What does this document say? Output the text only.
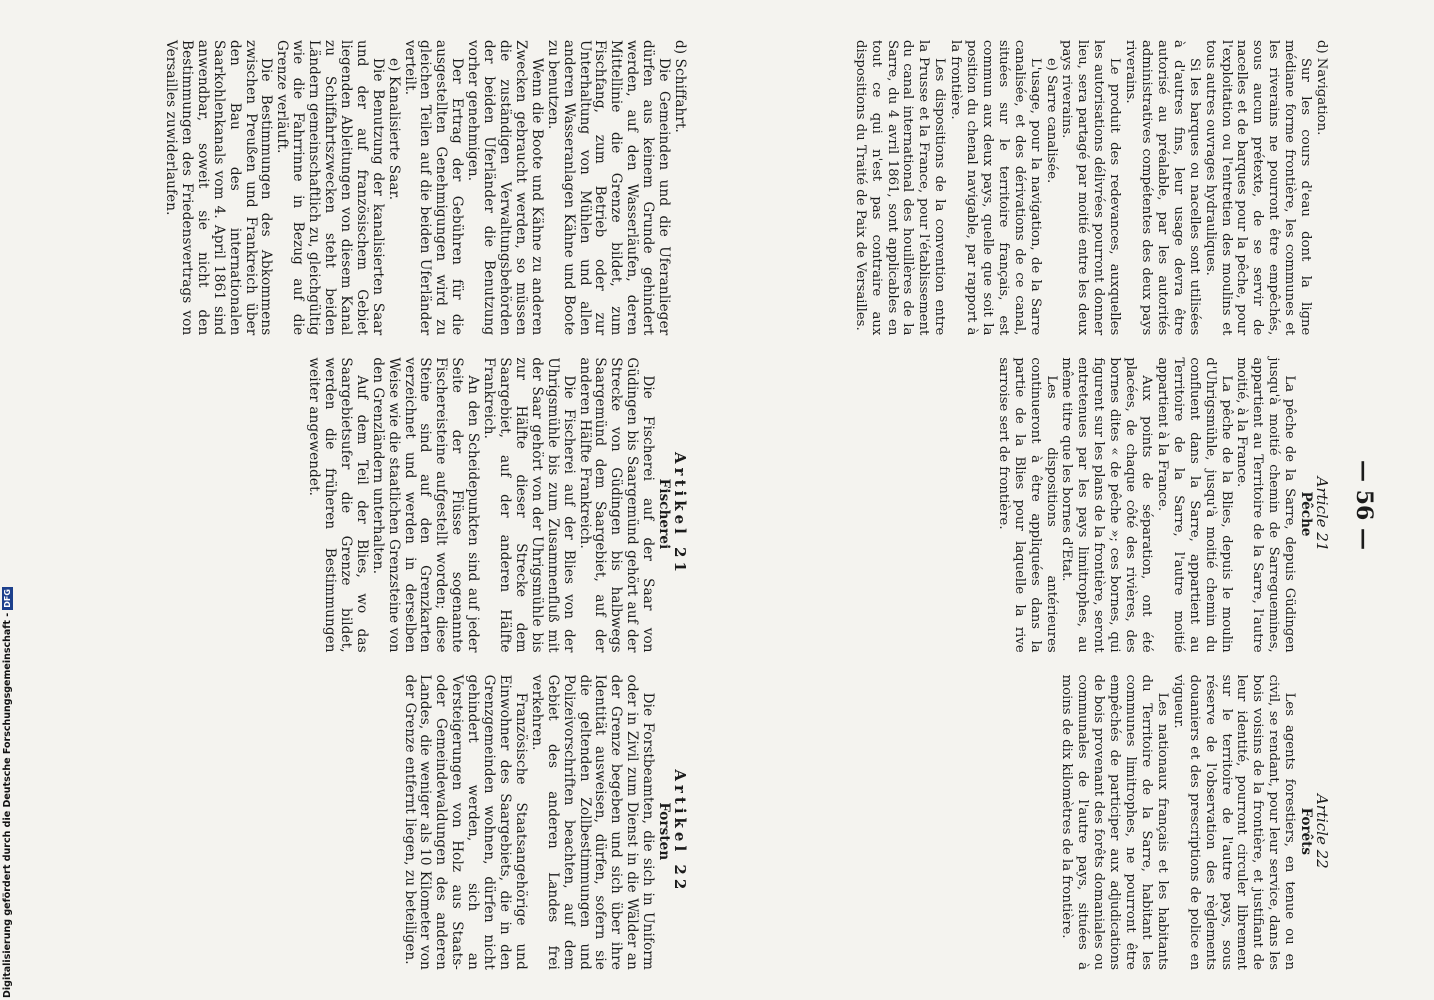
— 56 —

d) Navigation.

Sur les cours d'eau dont la ligne médiane forme frontière, les communes et les riverains ne pourront être empêchés, sous aucun prétexte, de se servir de nacelles et de barques pour la pêche, pour l'exploitation ou l'entretien des moulins et tous autres ouvrages hydrauliques.

Si les barques ou nacelles sont utilisées à d'autres fins, leur usage devra être autorisé au préalable, par les autorités administratives compétentes des deux pays riverains.

Le produit des redevances, auxquelles les autorisations délivrées pourront donner lieu, sera partagé par moitié entre les deux pays riverains.

e) Sarre canalisée.

L'usage, pour la navigation, de la Sarre canalisée, et des dérivations de ce canal, situées sur le territoire français, est commun aux deux pays, quelle que soit la position du chenal navigable, par rapport à la frontière.

Les dispositions de la convention entre la Prusse et la France, pour l'établissement du canal international des houillères de la Sarre, du 4 avril 1861, sont applicables en tout ce qui n'est pas contraire aux dispositions du Traité de Paix de Versailles.

Article 21

Pêche

La pêche de la Sarre, depuis Güdingen jusqu'à moitié chemin de Sarreguemines, appartient au Territoire de la Sarre, l'autre moitié, à la France.

La pêche de la Blies, depuis le moulin d'Uhrigsmühle, jusqu'à moitié chemin du confluent dans la Sarre, appartient au Territoire de la Sarre, l'autre moitié appartient à la France.

Aux points de séparation, ont été placées, de chaque côté des rivières, des bornes dites « de pêche »; ces bornes, qui figurent sur les plans de la frontière, seront entretenues par les pays limitrophes, au même titre que les bornes d'Etat.

Les dispositions antérieures continueront à être appliquées dans la partie de la Blies pour laquelle la rive sarroise sert de frontière.

Article 22

Forêts

Les agents forestiers, en tenue ou en civil, se rendant, pour leur service, dans les bois voisins de la frontière, et justifiant de leur identité, pourront circuler librement sur le territoire de l'autre pays, sous réserve de l'observation des règlements douaniers et des prescriptions de police en vigueur.

Les nationaux français et les habitants du Territoire de la Sarre, habitant les communes limitrophes, ne pourront être empêchés de participer aux adjudications de bois provenant des forêts domaniales ou communales de l'autre pays, situées à moins de dix kilomètres de la frontière.

d) Schiffahrt.

Die Gemeinden und die Uferanlieger dürfen aus keinem Grunde gehindert werden, auf den Wasserläufen, deren Mittellinie die Grenze bildet, zum Fischfang, zum Betrieb oder zur Unterhaltung von Mühlen und allen anderen Wasseranlagen Kähne und Boote zu benutzen.

Wenn die Boote und Kähne zu anderen Zwecken gebraucht werden, so müssen die zuständigen Verwaltungsbehörden der beiden Uferländer die Benutzung vorher genehmigen.

Der Ertrag der Gebühren für die ausgestellten Genehmigungen wird zu gleichen Teilen auf die beiden Uferländer verteilt.

e) Kanalisierte Saar.

Die Benutzung der kanalisierten Saar und der auf französischem Gebiet liegenden Ableitungen von diesem Kanal zu Schiffahrtszwecken steht beiden Ländern gemeinschaftlich zu, gleichgültig wie die Fahrrinne in Bezug auf die Grenze verläuft.

Die Bestimmungen des Abkommens zwischen Preußen und Frankreich über den Bau des internationalen Saarkohlenkanals vom 4. April 1861 sind anwendbar, soweit sie nicht den Bestimmungen des Friedensvertrags von Versailles zuwiderlaufen.

Artikel 21

Fischerei

Die Fischerei auf der Saar von Güdingen bis Saargemünd gehört auf der Strecke von Güdingen bis halbwegs Saargemünd dem Saargebiet, auf der anderen Hälfte Frankreich.

Die Fischerei auf der Blies von der Uhrigsmühle bis zum Zusammenfluß mit der Saar gehört von der Uhrigsmühle bis zur Hälfte dieser Strecke dem Saargebiet, auf der anderen Hälfte Frankreich.

An den Scheidepunkten sind auf jeder Seite der Flüsse sogenannte Fischereisteine aufgestellt worden; diese Steine sind auf den Grenzkarten verzeichnet und werden in derselben Weise wie die staatlichen Grenzsteine von den Grenzländern unterhalten.

Auf dem Teil der Blies, wo das Saargebietsufer die Grenze bildet, werden die früheren Bestimmungen weiter angewendet.

Artikel 22

Forsten

Die Forstbeamten, die sich in Uniform oder in Zivil zum Dienst in die Wälder an der Grenze begeben und sich über ihre Identität ausweisen, dürfen, sofern sie die geltenden Zollbestimmungen und Polizeivorschriften beachten, auf dem Gebiet des anderen Landes frei verkehren.

Französische Staatsangehörige und Einwohner des Saargebiets, die in den Grenzgemeinden wohnen, dürfen nicht gehindert werden, sich an Versteigerungen von Holz aus Staats- oder Gemeindewaldungen des anderen Landes, die weniger als 10 Kilometer von der Grenze entfernt liegen, zu beteiligen.

Digitalisierung gefördert durch die Deutsche Forschungsgemeinschaft -DFG
